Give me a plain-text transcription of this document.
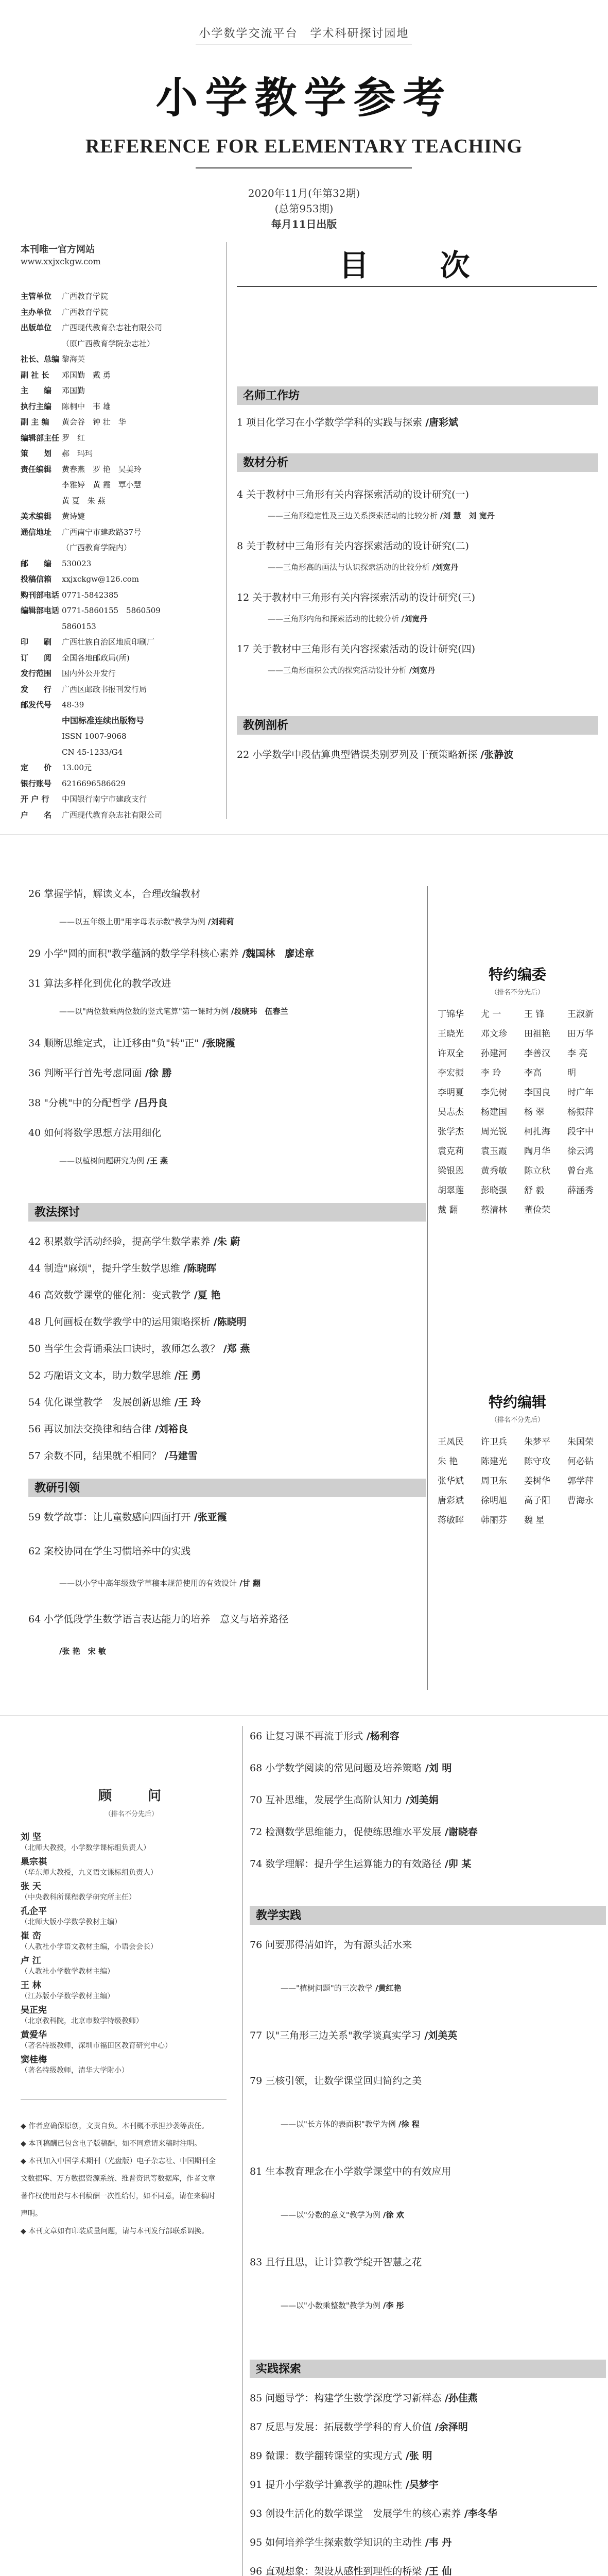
小学数学交流平台　学术科研探讨园地
小学教学参考
REFERENCE FOR ELEMENTARY TEACHING
2020年11月(年第32期)
(总第953期)
每月11日出版
本刊唯一官方网站
www.xxjxckgw.com
主管单位	广西教育学院
主办单位	广西教育学院
出版单位	广西现代教育杂志社有限公司
（原广西教育学院杂志社）
社长、总编 黎海英
副 社 长	邓国勤　戴 勇
主　　编	邓国勤
执行主编	陈桐中　韦 雄
副 主 编	黄会谷　钟 壮　华
编辑部主任 罗　红
策　　划	郝　玛玛
责任编辑	黄春燕　罗 艳　吴美玲
李雅婷　黄 霞　覃小慧
黄 夏　朱 燕
美术编辑	黄诗婕
通信地址	广西南宁市建政路37号
（广西教育学院内）
邮　　编	530023
投稿信箱	xxjxckgw@126.com
购刊部电话 0771-5842385
编辑部电话 0771-5860155　5860509
5860153
印　　刷	广西壮族自治区地质印刷厂
订　　阅	全国各地邮政局(所)
发行范围	国内外公开发行
发　　行	广西区邮政书报刊发行局
邮发代号	48-39
中国标准连续出版物号
ISSN 1007-9068
CN 45-1233/G4
定　　价	13.00元
银行账号	6216696586629
开 户 行	中国银行南宁市建政支行
户　　名	广西现代教育杂志社有限公司
目　次
名师工作坊
1 项目化学习在小学数学学科的实践与探索 /唐彩斌
数材分析
4 关于教材中三角形有关内容探索活动的设计研究(一)
——三角形稳定性及三边关系探索活动的比较分析 /刘 慧　刘 宽丹
8 关于教材中三角形有关内容探索活动的设计研究(二)
——三角形高的画法与认识探索活动的比较分析 /刘宽丹
12 关于教材中三角形有关内容探索活动的设计研究(三)
——三角形内角和探索活动的比较分析 /刘宽丹
17 关于教材中三角形有关内容探索活动的设计研究(四)
——三角形面积公式的探究活动设计分析 /刘宽丹
教例剖析
22 小学数学中段估算典型错误类别罗列及干预策略新探 /张静波
26 掌握学情，解读文本，合理改编教材
——以五年级上册"用字母表示数"教学为例 /刘莉莉
29 小学"圆的面积"教学蕴涵的数学学科核心素养 /魏国林　廖述章
31 算法多样化到优化的教学改进
——以"两位数乘两位数的竖式笔算"第一课时为例 /段晓玮　伍春兰
34 顺断思维定式，让迁移由"负"转"正" /张晓霞
36 判断平行首先考虑同面 /徐 勝
38 "分桃"中的分配哲学 /吕丹良
40 如何将数学思想方法用细化
——以植树问题研究为例 /王 燕
教法探讨
42 积累数学活动经验，提高学生数学素养 /朱 蔚
44 制造"麻烦"，提升学生数学思维 /陈晓晖
46 高效数学课堂的催化剂：变式教学 /夏 艳
48 几何画板在数学教学中的运用策略探析 /陈晓明
50 当学生会背诵乘法口诀时，教师怎么教？ /郑 燕
52 巧融语文文本，助力数学思维 /汪 勇
54 优化课堂教学　发展创新思维 /王 玲
56 再议加法交换律和结合律 /刘裕良
57 余数不同，结果就不相同？ /马建雪
教研引领
59 数学故事：让儿童数感向四面打开 /张亚霞
62 案校协同在学生习惯培养中的实践
——以小学中高年级数学草稿本规范使用的有效设计 /甘 翻
64 小学低段学生数学语言表达能力的培养　意义与培养路径
/张 艳　宋 敏
特约编委
（排名不分先后）
丁锦华	尤 一	王 锋	王淑新
王晓光	邓文珍	田祖艳	田万华
许双全	孙建河	李善汉	李 亮
李宏振	李 玲	李高	明
李明夏	李先树	李国良	时广年
吴志杰	杨建国	杨 翠	杨振萍
张学杰	周光锐	柯扎海	段宇中
袁克莉	袁玉霞	陶月华	徐云鸿
梁银恩	黄秀敏	陈立秋	曾台兆
胡翠莲	彭晓强	舒 毅	薛涵秀
戴 翻	蔡清林	董俭荣
特约编辑
（排名不分先后）
王凤民	许卫兵	朱梦平	朱国荣
朱 艳	陈建光	陈守攻	何必钻
张华斌	周卫东	姜树华	郭学萍
唐彩斌	徐明旭	高子阳	曹海永
蒋敏晖	韩丽芬	魏 星
顾　　问
（排名不分先后）
刘 坚
（北师大教授，小学数学课标组负责人）
巢宗祺
（华东师大教授，九义语文课标组负责人）
张 天
（中央教科所课程教学研究所主任）
孔企平
（北师大版小学数学教材主编）
崔 峦
（人教社小学语文教材主编，小语会会长）
卢 江
（人教社小学数学教材主编）
王 林
（江苏版小学数学教材主编）
吴正宪
（北京教科院，北京市数学特级教师）
黄爱华
（著名特级教师，深圳市福田区教育研究中心）
窦桂梅
（著名特级教师，清华大学附小）
◆ 作者应确保原创，文责自负。本刊概不承担抄袭等责任。
◆ 本刊稿酬已包含电子版稿酬，如不同意请来稿时注明。
◆ 本刊加入中国学术期刊（光盘版）电子杂志社、中国期刊全文数据库、万方数据资源系统、维普资讯等数据库，作者文章著作权使用费与本刊稿酬一次性给付，如不同意，请在来稿时声明。
◆ 本刊文章如有印装质量问题，请与本刊发行部联系调换。
66 让复习课不再流于形式 /杨利容
68 小学数学阅读的常见问题及培养策略 /刘 明
70 互补思维，发展学生高阶认知力 /刘美娟
72 检测数学思维能力，促使练思维水平发展 /谢晓春
74 数学理解：提升学生运算能力的有效路径 /卯 某
教学实践
76 问要那得清如许，为有源头活水来
——"植树问题"的三次教学 /黄红艳
77 以"三角形三边关系"教学谈真实学习 /刘美英
79 三核引领，让数学课堂回归简约之美
——以"长方体的表面积"教学为例 /徐 程
81 生本教育理念在小学数学课堂中的有效应用
——以"分数的意义"教学为例 /徐 欢
83 且行且思，让计算教学绽开智慧之花
——以"小数乘整数"教学为例 /李 彤
实践探索
85 问题导学：构建学生数学深度学习新样态 /孙佳燕
87 反思与发展：拓展数学学科的育人价值 /余泽明
89 微课：数学翻转课堂的实现方式 /张 明
91 提升小学数学计算教学的趣味性 /吴梦宇
93 创设生活化的数学课堂　发展学生的核心素养 /李冬华
95 如何培养学生探索数学知识的主动性 /韦 丹
96 直观想象：架设从感性到理性的桥梁 /王 仙
